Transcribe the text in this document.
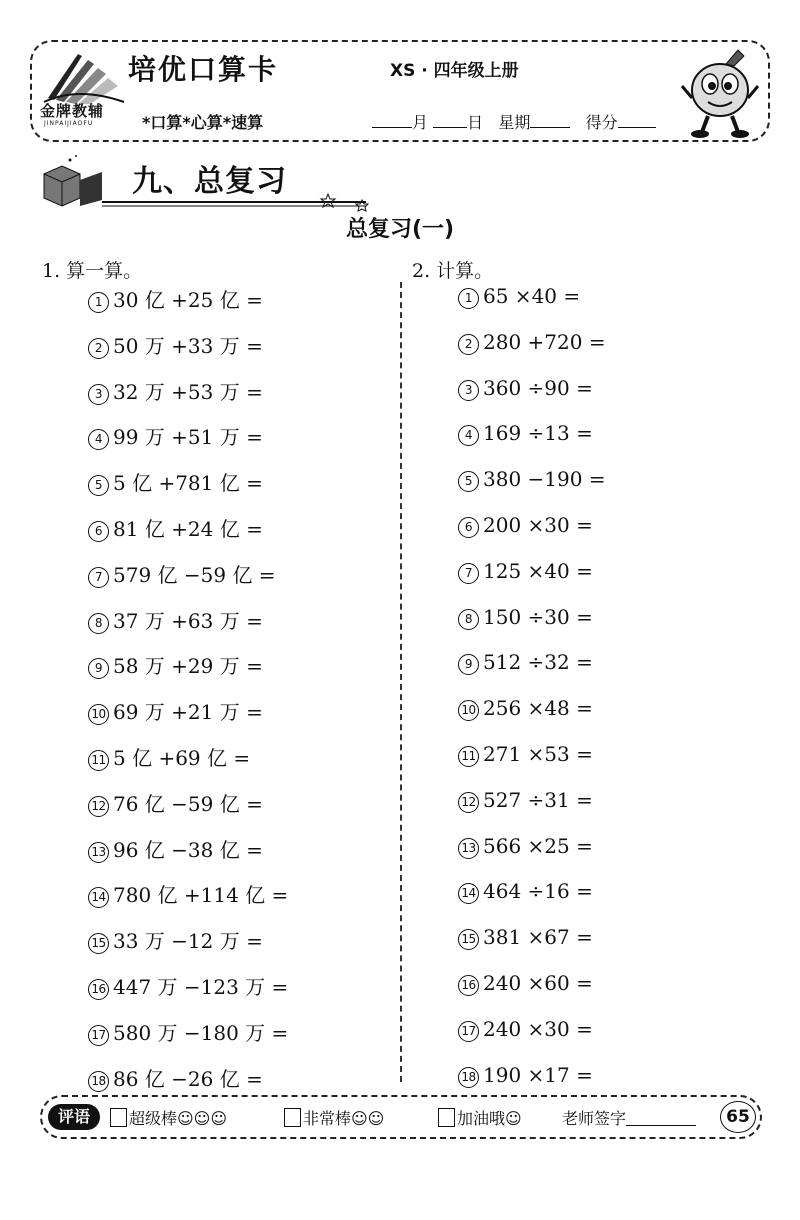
金牌教辅
JINPAIJIAOFU
培优口算卡	XS · 四年级上册
*口算*心算*速算	月 日 星期	得分
九、总复习
总复习(一)
1. 算一算。	2. 计算。
1 30 亿 +25 亿 =
2 50 万 +33 万 =
3 32 万 +53 万 =
4 99 万 +51 万 =
5 5 亿 +781 亿 =
6 81 亿 +24 亿 =
7 579 亿 −59 亿 =
8 37 万 +63 万 =
9 58 万 +29 万 =
10 69 万 +21 万 =
11 5 亿 +69 亿 =
12 76 亿 −59 亿 =
13 96 亿 −38 亿 =
14 780 亿 +114 亿 =
15 33 万 −12 万 =
16 447 万 −123 万 =
17 580 万 −180 万 =
18 86 亿 −26 亿 =
1 65 ×40 =
2 280 +720 =
3 360 ÷90 =
4 169 ÷13 =
5 380 −190 =
6 200 ×30 =
7 125 ×40 =
8 150 ÷30 =
9 512 ÷32 =
10 256 ×48 =
11 271 ×53 =
12 527 ÷31 =
13 566 ×25 =
14 464 ÷16 =
15 381 ×67 =
16 240 ×60 =
17 240 ×30 =
18 190 ×17 =
评语	超级棒☺☺☺	非常棒☺☺	加油哦☺	老师签字	65
